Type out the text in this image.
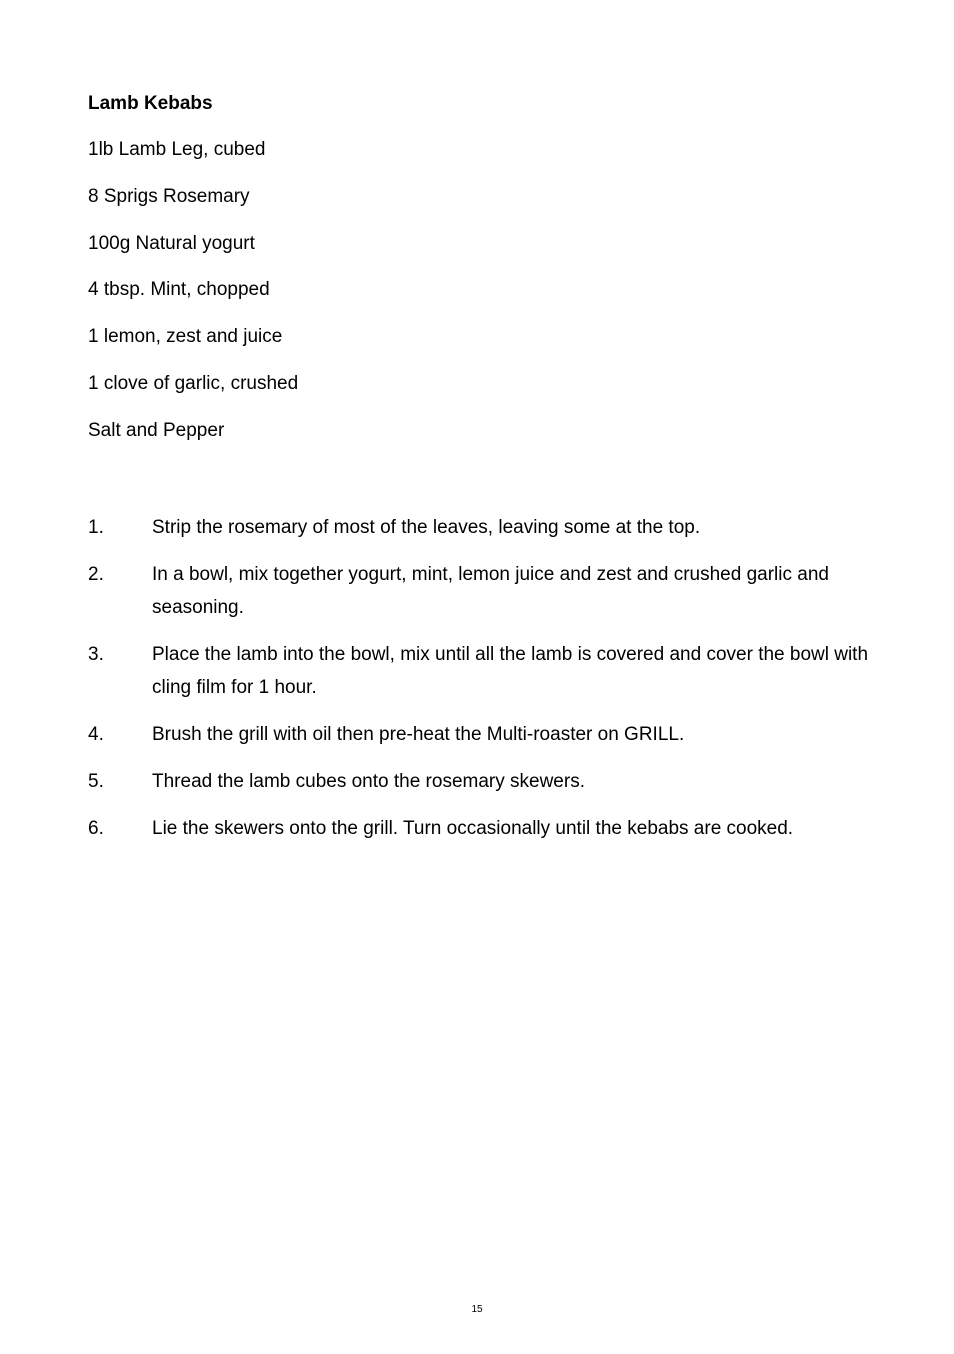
Lamb Kebabs
1lb Lamb Leg, cubed
8 Sprigs Rosemary
100g Natural yogurt
4 tbsp. Mint, chopped
1 lemon, zest and juice
1 clove of garlic, crushed
Salt and Pepper
1.	Strip the rosemary of most of the leaves, leaving some at the top.
2.	In a bowl, mix together yogurt, mint, lemon juice and zest and crushed garlic and seasoning.
3.	Place the lamb into the bowl, mix until all the lamb is covered and cover the bowl with cling film for 1 hour.
4.	Brush the grill with oil then pre-heat the Multi-roaster on GRILL.
5.	Thread the lamb cubes onto the rosemary skewers.
6.	Lie the skewers onto the grill. Turn occasionally until the kebabs are cooked.
15
